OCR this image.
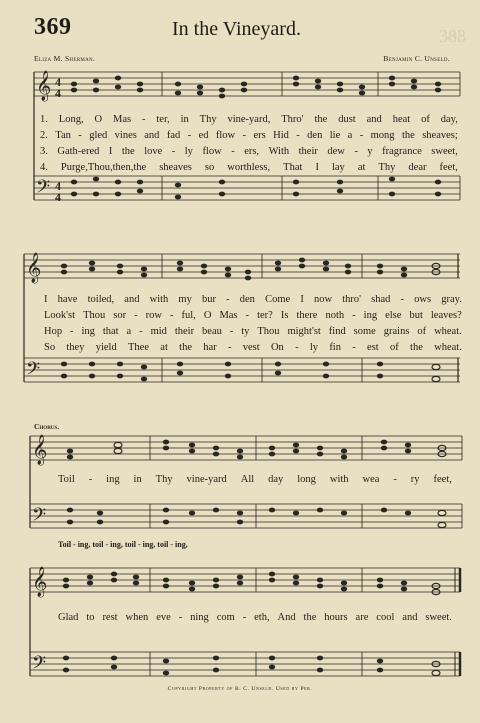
388
369	In the Vineyard.
Eliza M. Sherman.	Benjamin C. Unseld.
𝄞
𝄢
4
4
4
4
1. Long, O Mas - ter, in Thy vine-yard, Thro' the dust and heat of day,
2. Tan - gled vines and fad - ed flow - ers Hid - den lie a - mong the sheaves;
3. Gath-ered I the love - ly flow - ers, With their dew - y fragrance sweet,
4. Purge,Thou,then,the sheaves so worthless, That I lay at Thy dear feet,
𝄞
𝄢
I have toiled, and with my bur - den Come I now thro' shad - ows gray.
Look'st Thou sor - row - ful, O Mas - ter? Is there noth - ing else but leaves?
Hop - ing that a - mid their beau - ty Thou might'st find some grains of wheat.
So they yield Thee at the har - vest On - ly fin - est of the wheat.
Chorus.
𝄞
𝄢
Toil - ing in Thy vine-yard All day long with wea - ry feet,
Toil - ing, toil - ing, toil - ing, toil - ing,
𝄞
𝄢
Glad to rest when eve - ning com - eth, And the hours are cool and sweet.
Copyright Property of B. C. Unseld. Used by Per.
